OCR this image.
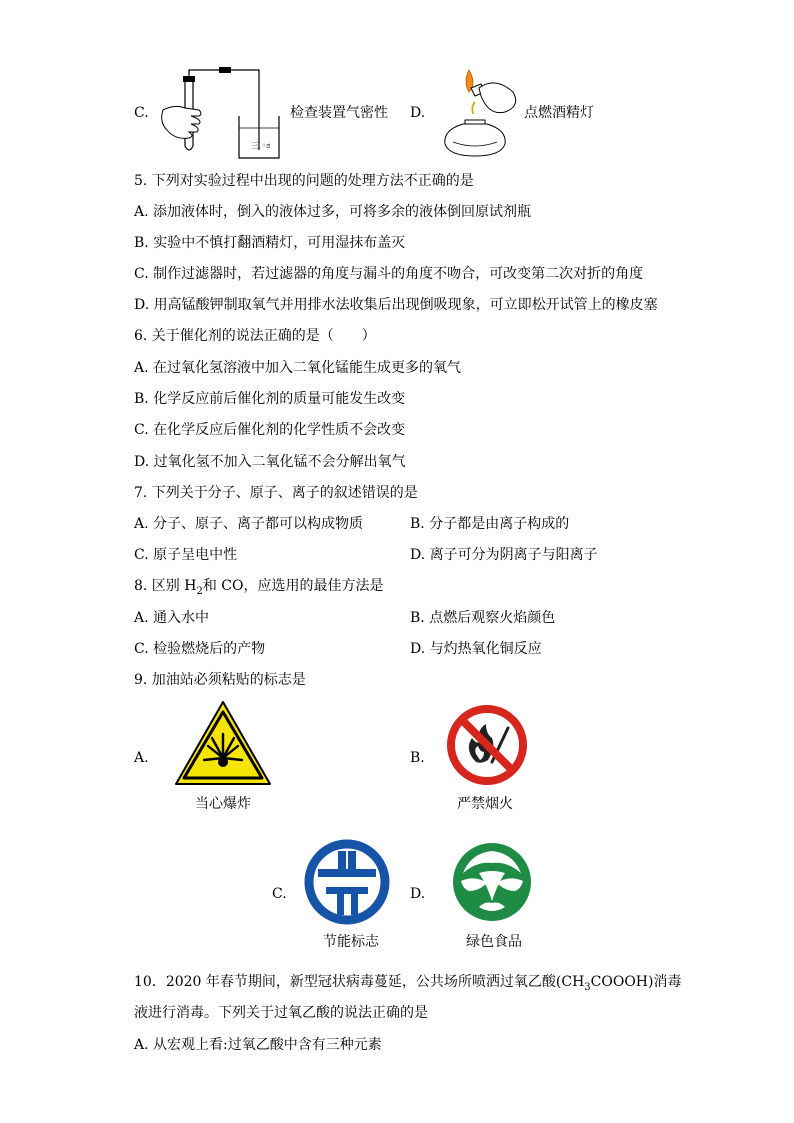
C.
三 ◦ಠ
检查装置气密性 D.	点燃酒精灯
5. 下列对实验过程中出现的问题的处理方法不正确的是
A. 添加液体时，倒入的液体过多，可将多余的液体倒回原试剂瓶
B. 实验中不慎打翻酒精灯，可用湿抹布盖灭
C. 制作过滤器时，若过滤器的角度与漏斗的角度不吻合，可改变第二次对折的角度
D. 用高锰酸钾制取氧气并用排水法收集后出现倒吸现象，可立即松开试管上的橡皮塞
6. 关于催化剂的说法正确的是（　　）
A. 在过氧化氢溶液中加入二氧化锰能生成更多的氧气
B. 化学反应前后催化剂的质量可能发生改变
C. 在化学反应后催化剂的化学性质不会改变
D. 过氧化氢不加入二氧化锰不会分解出氧气
7. 下列关于分子、原子、离子的叙述错误的是
A. 分子、原子、离子都可以构成物质	B. 分子都是由离子构成的
C. 原子呈电中性	D. 离子可分为阴离子与阳离子
8. 区别 $H_2$和 CO，应选用的最佳方法是
A. 通入水中	B. 点燃后观察火焰颜色
C. 检验燃烧后的产物	D. 与灼热氧化铜反应
9. 加油站必须粘贴的标志是
A.
当心爆炸
B.
严禁烟火
C.
节能标志
D.
绿色食品
10．2020 年春节期间，新型冠状病毒蔓延，公共场所喷洒过氧乙酸$(CH_3COOOH)$消毒
液进行消毒。下列关于过氧乙酸的说法正确的是
A. 从宏观上看:过氧乙酸中含有三种元素
